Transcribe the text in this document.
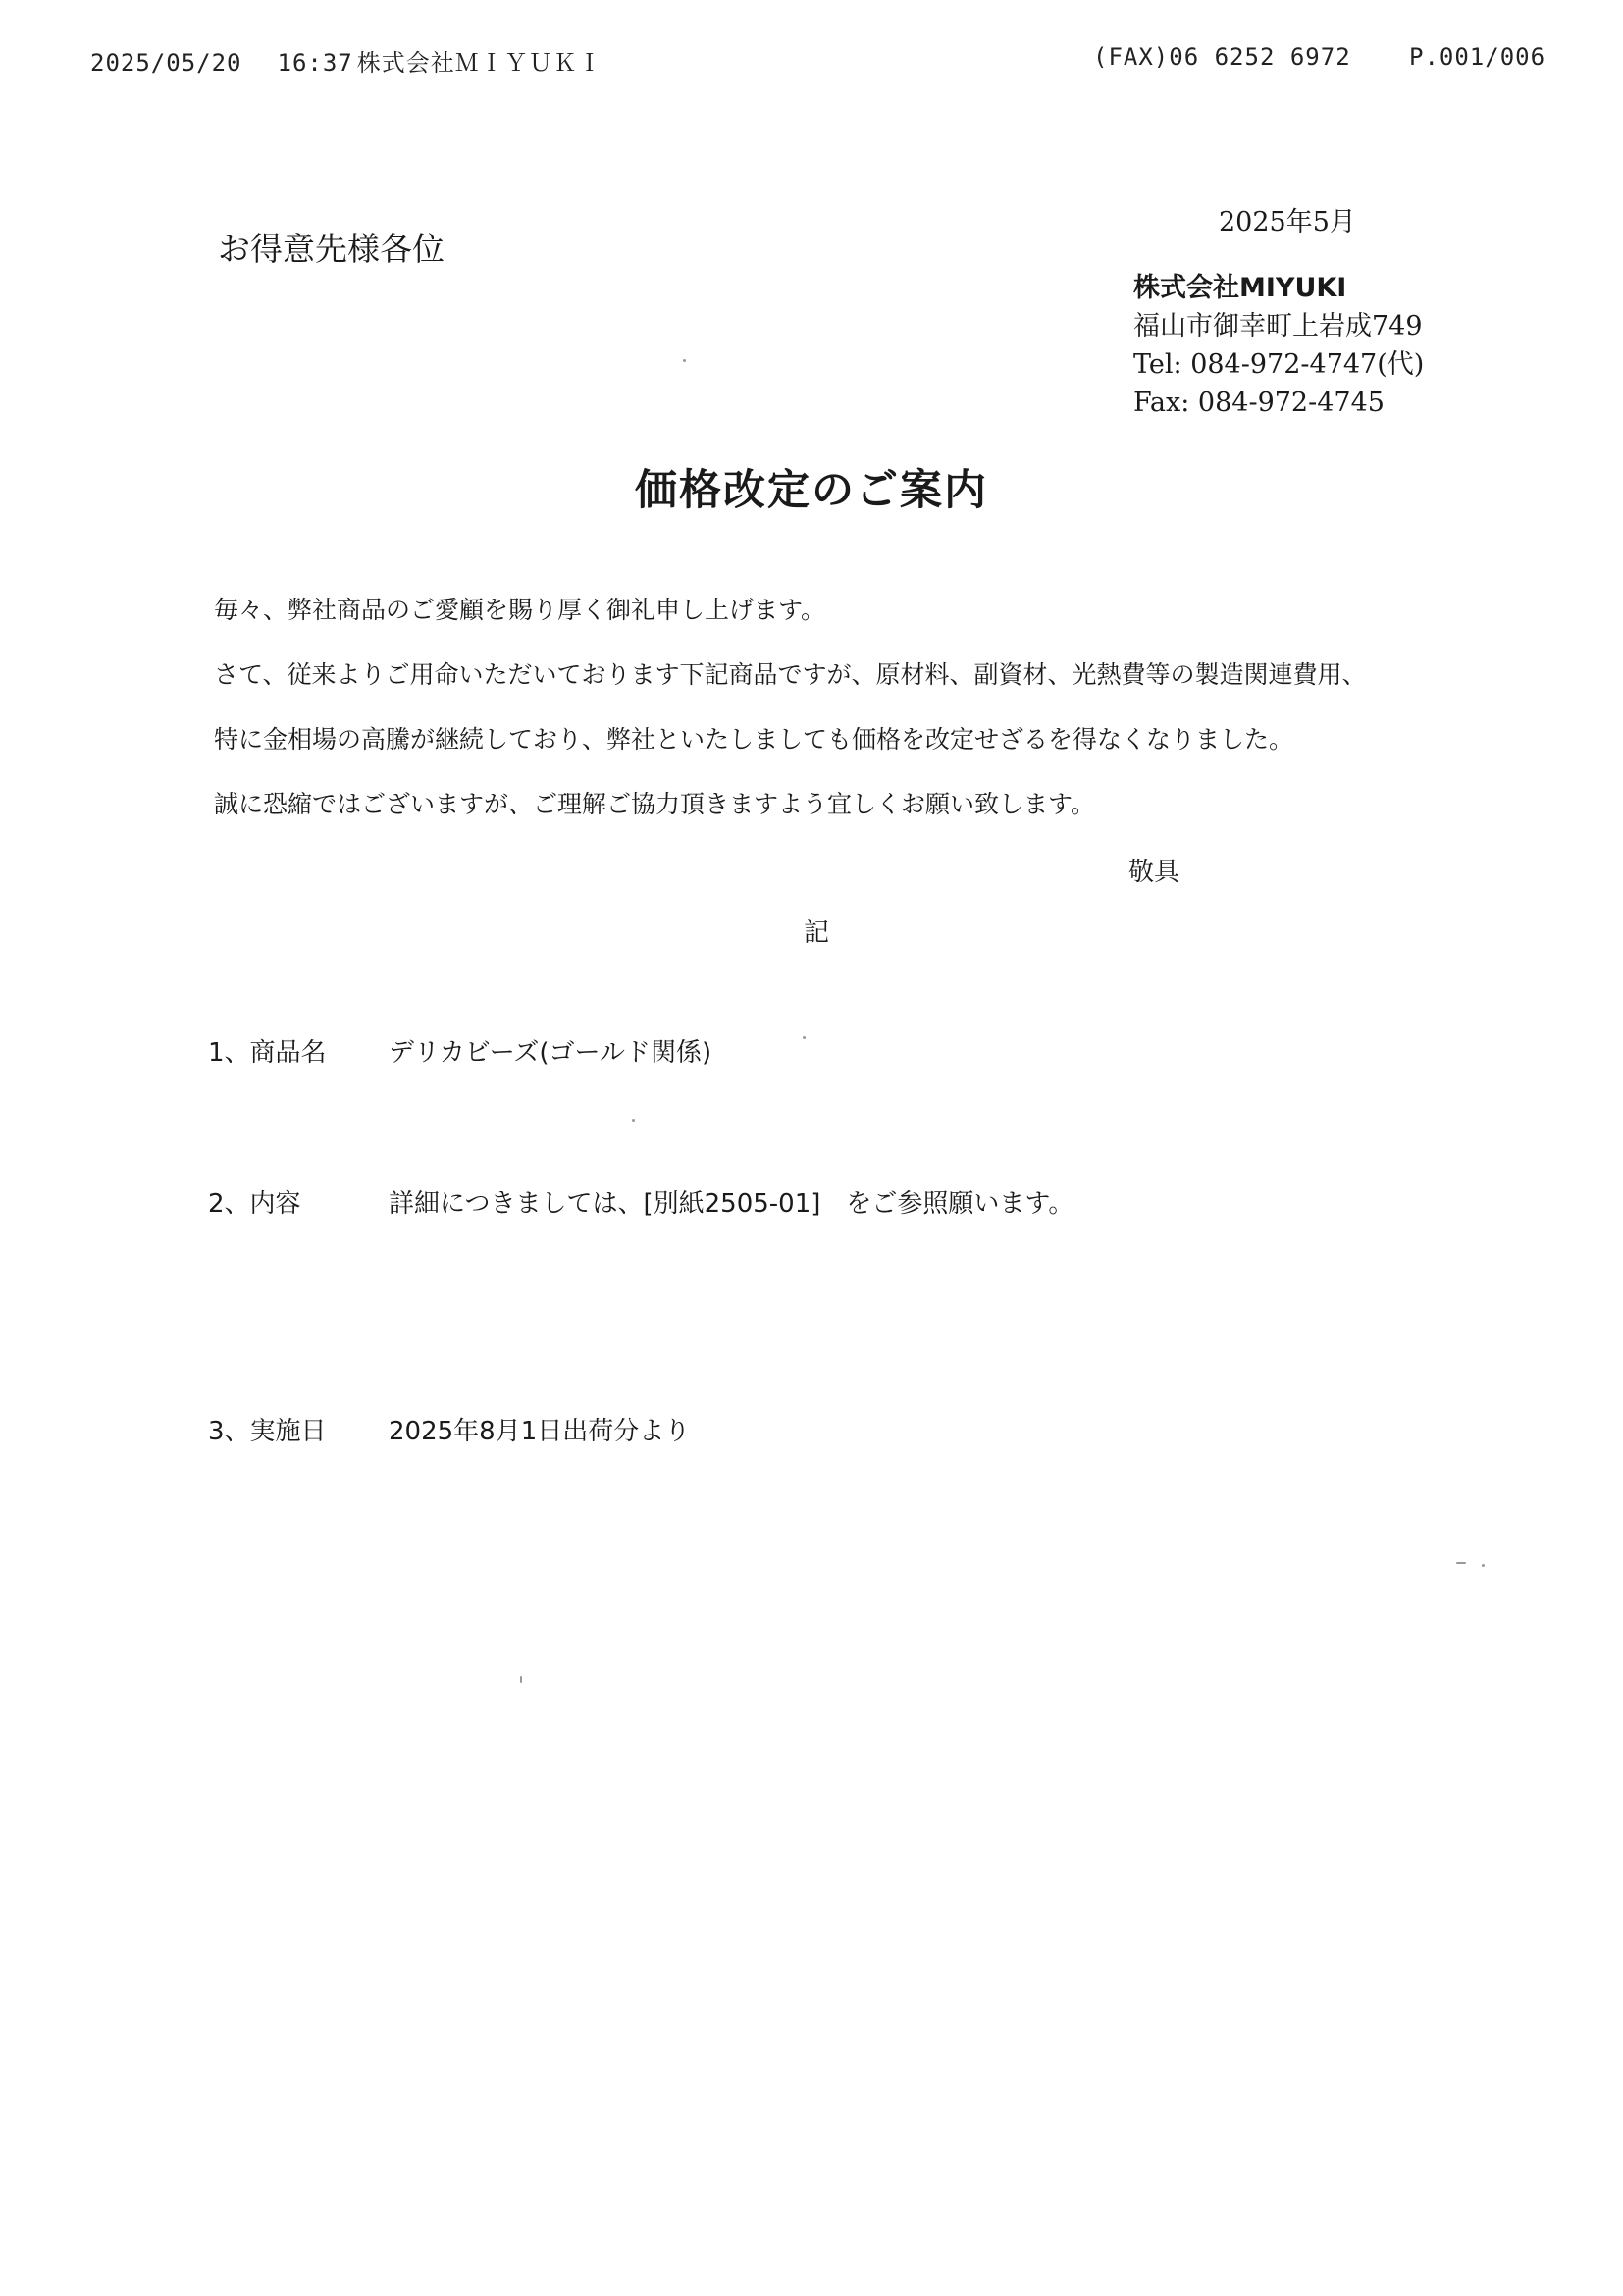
2025/05/20 16:37 株式会社ＭＩＹＵＫＩ	(FAX)06 6252 6972 P.001/006
お得意先様各位
2025年5月
株式会社MIYUKI
福山市御幸町上岩成749
Tel: 084-972-4747(代)
Fax: 084-972-4745
価格改定のご案内

毎々、弊社商品のご愛顧を賜り厚く御礼申し上げます。

さて、従来よりご用命いただいております下記商品ですが、原材料、副資材、光熱費等の製造関連費用、

特に金相場の高騰が継続しており、弊社といたしましても価格を改定せざるを得なくなりました。

誠に恐縮ではございますが、ご理解ご協力頂きますよう宜しくお願い致します。

敬具
記
1、商品名 デリカビーズ(ゴールド関係)
2、内容	詳細につきましては、[別紙2505-01]　をご参照願います。
3、実施日 2025年8月1日出荷分より
